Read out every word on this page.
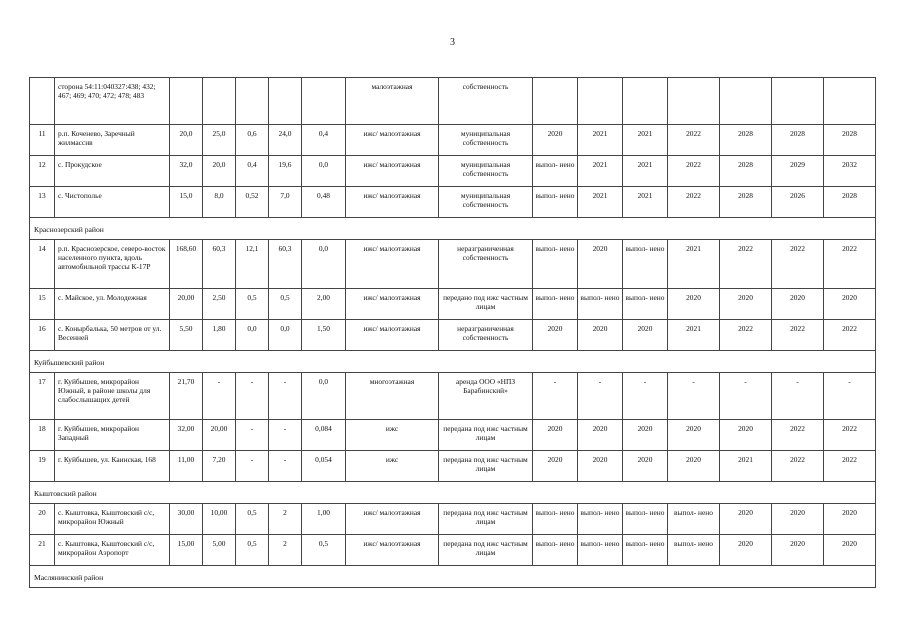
3
	сторона 54:11:040327:438; 432; 467; 469; 470; 472; 478; 483						малоэтажная	собственность							
11	р.п. Коченево, Заречный жилмассив	20,0	25,0	0,6	24,0	0,4	ижс/ малоэтажная	муниципальная собственность	2020	2021	2021	2022	2028	2028	2028
12	с. Прокудское	32,0	20,0	0,4	19,6	0,0	ижс/ малоэтажная	муниципальная собственность	выпол- нено	2021	2021	2022	2028	2029	2032
13	с. Чистополье	15,0	8,0	0,52	7,0	0,48	ижс/ малоэтажная	муниципальная собственность	выпол- нено	2021	2021	2022	2028	2026	2028
Краснозерский район															
14	р.п. Краснозерское, северо-восток населенного пункта, вдоль автомобильной трассы К-17Р	168,60	60,3	12,1	60,3	0,0	ижс/ малоэтажная	неразграниченная собственность	выпол- нено	2020	выпол- нено	2021	2022	2022	2022
15	с. Майское, ул. Молодежная	20,00	2,50	0,5	0,5	2,00	ижс/ малоэтажная	передано под ижс частным лицам	выпол- нено	выпол- нено	выпол- нено	2020	2020	2020	2020
16	с. Конырбалька, 50 метров от ул. Весенней	5,50	1,80	0,0	0,0	1,50	ижс/ малоэтажная	неразграниченная собственность	2020	2020	2020	2021	2022	2022	2022
Куйбышевский район															
17	г. Куйбышев, микрорайон Южный, в районе школы для слабослышащих детей	21,70	-	-	-	0,0	многоэтажная	аренда ООО «НПЗ Барабинский»	-	-	-	-	-	-	-
18	г. Куйбышев, микрорайон Западный	32,00	20,00	-	-	0,084	ижс	передана под ижс частным лицам	2020	2020	2020	2020	2020	2022	2022
19	г. Куйбышев, ул. Каинская, 168	11,00	7,20	-	-	0,054	ижс	передана под ижс частным лицам	2020	2020	2020	2020	2021	2022	2022
Кыштовский район															
20	с. Кыштовка, Кыштовский с/с, микрорайон Южный	30,00	10,00	0,5	2	1,00	ижс/ малоэтажная	передана под ижс частным лицам	выпол- нено	выпол- нено	выпол- нено	выпол- нено	2020	2020	2020
21	с. Кыштовка, Кыштовский с/с, микрорайон Аэропорт	15,00	5,00	0,5	2	0,5	ижс/ малоэтажная	передана под ижс частным лицам	выпол- нено	выпол- нено	выпол- нено	выпол- нено	2020	2020	2020
Маслянинский район															
